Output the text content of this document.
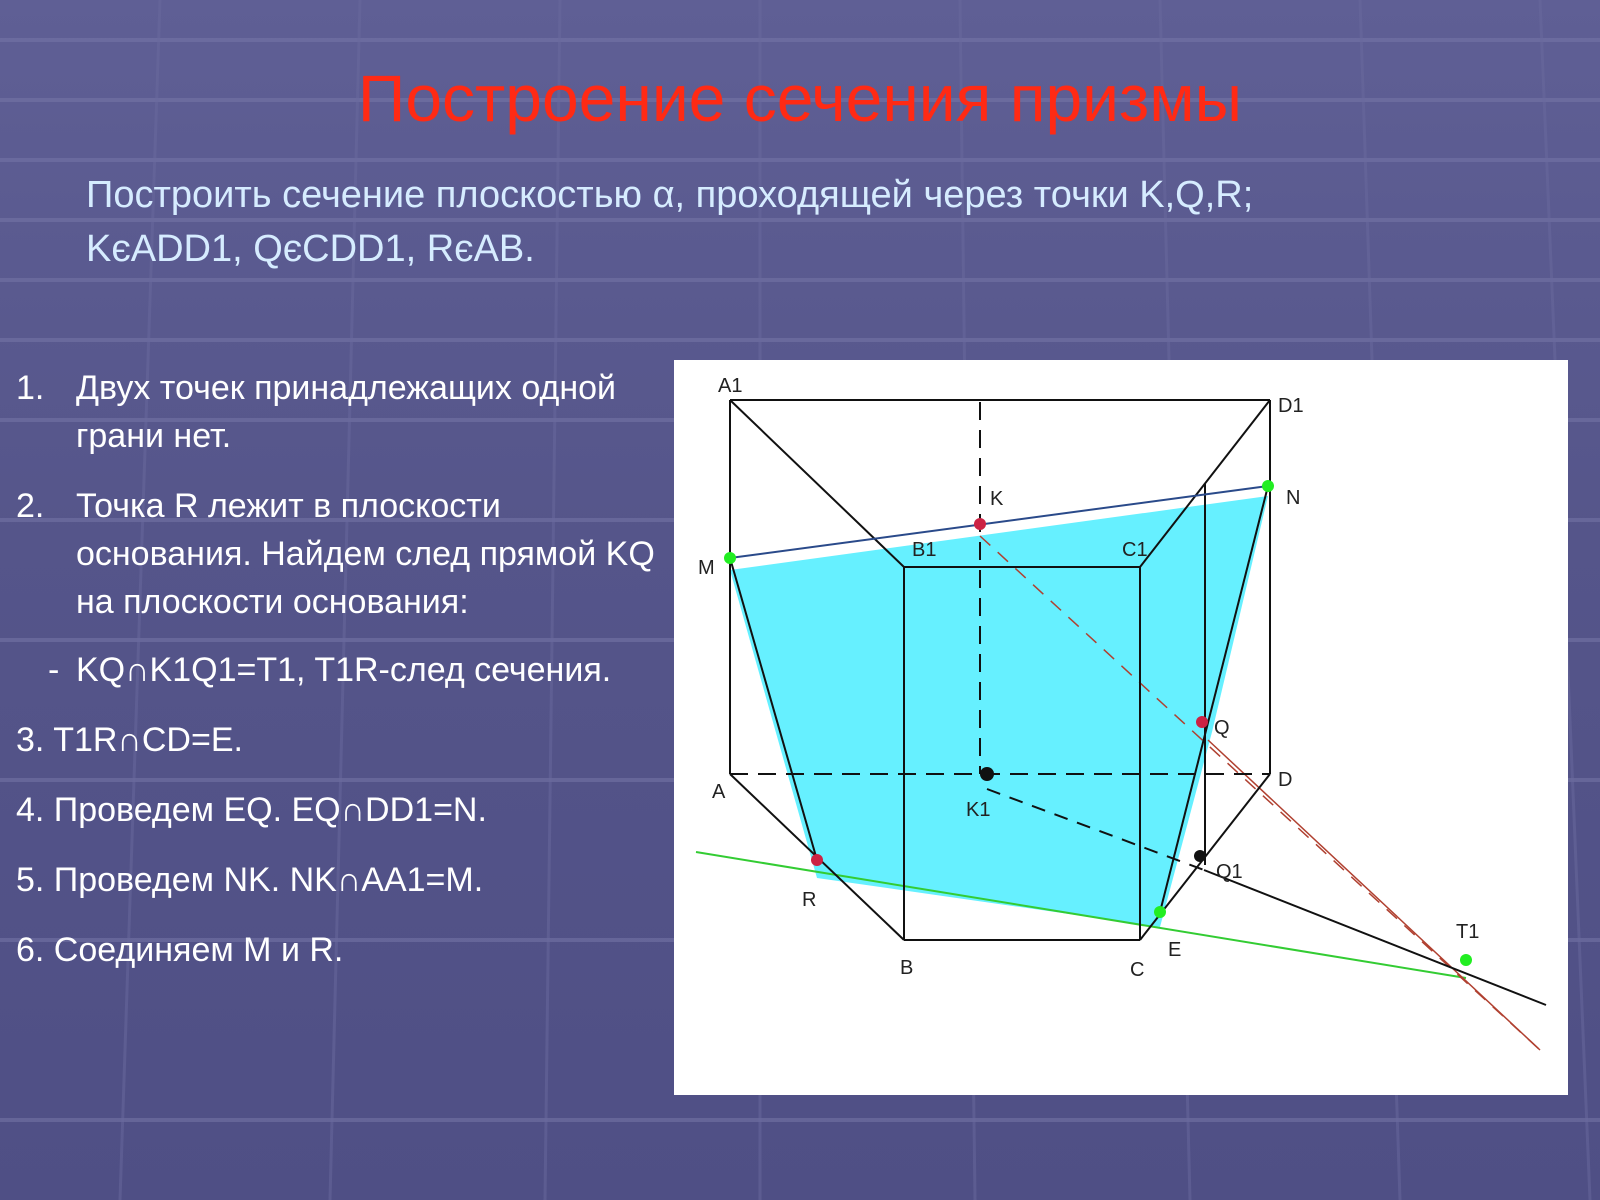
Построение сечения призмы
Построить сечение плоскостью α, проходящей через точки K,Q,R;
KєADD1, QєCDD1, RєAB.
1. Двух точек принадлежащих одной грани нет.
2. Точка R лежит в плоскости основания. Найдем след прямой KQ на плоскости основания:
- KQ∩K1Q1=T1, T1R-след сечения.
3. T1R∩CD=E.
4. Проведем EQ. EQ∩DD1=N.
5. Проведем NK. NK∩AA1=M.
6. Соединяем M и R.
A1
D1
K	N
B1	C1
M
Q
A
D
K1
Q1
R
E
T1
B	C
